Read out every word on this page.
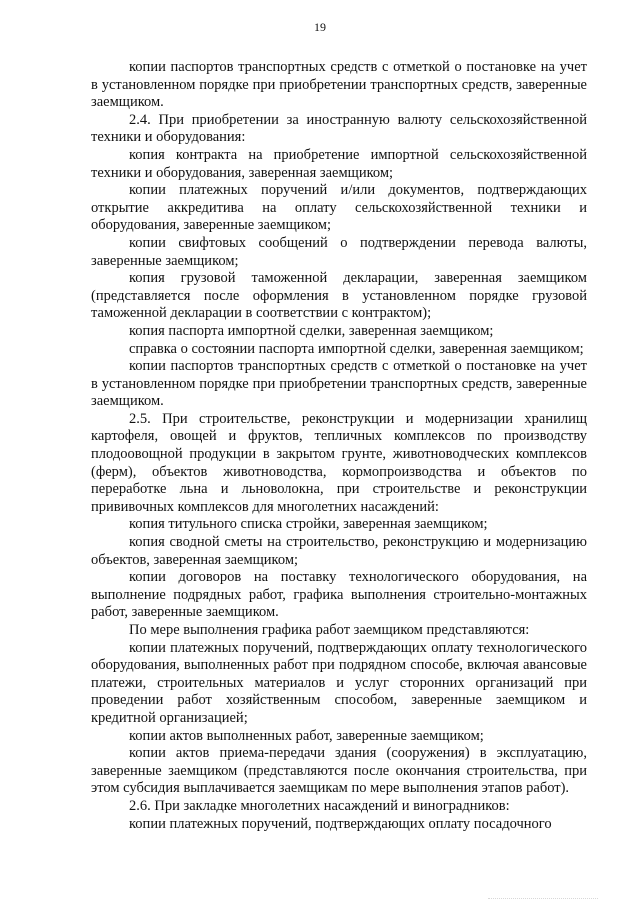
19

копии паспортов транспортных средств с отметкой о постановке на учет в установленном порядке при приобретении транспортных средств, заверенные заемщиком.

2.4. При приобретении за иностранную валюту сельскохозяйственной техники и оборудования:

копия контракта на приобретение импортной сельскохозяйственной техники и оборудования, заверенная заемщиком;

копии платежных поручений и/или документов, подтверждающих открытие аккредитива на оплату сельскохозяйственной техники и оборудования, заверенные заемщиком;

копии свифтовых сообщений о подтверждении перевода валюты, заверенные заемщиком;

копия грузовой таможенной декларации, заверенная заемщиком (представляется после оформления в установленном порядке грузовой таможенной декларации в соответствии с контрактом);

копия паспорта импортной сделки, заверенная заемщиком;

справка о состоянии паспорта импортной сделки, заверенная заемщиком;

копии паспортов транспортных средств с отметкой о постановке на учет в установленном порядке при приобретении транспортных средств, заверенные заемщиком.

2.5. При строительстве, реконструкции и модернизации хранилищ картофеля, овощей и фруктов, тепличных комплексов по производству плодоовощной продукции в закрытом грунте, животноводческих комплексов (ферм), объектов животноводства, кормопроизводства и объектов по переработке льна и льноволокна, при строительстве и реконструкции прививочных комплексов для многолетних насаждений:

копия титульного списка стройки, заверенная заемщиком;

копия сводной сметы на строительство, реконструкцию и модернизацию объектов, заверенная заемщиком;

копии договоров на поставку технологического оборудования, на выполнение подрядных работ, графика выполнения строительно-монтажных работ, заверенные заемщиком.

По мере выполнения графика работ заемщиком представляются:

копии платежных поручений, подтверждающих оплату технологического оборудования, выполненных работ при подрядном способе, включая авансовые платежи, строительных материалов и услуг сторонних организаций при проведении работ хозяйственным способом, заверенные заемщиком и кредитной организацией;

копии актов выполненных работ, заверенные заемщиком;

копии актов приема-передачи здания (сооружения) в эксплуатацию, заверенные заемщиком (представляются после окончания строительства, при этом субсидия выплачивается заемщикам по мере выполнения этапов работ).

2.6. При закладке многолетних насаждений и виноградников:

копии платежных поручений, подтверждающих оплату посадочного
